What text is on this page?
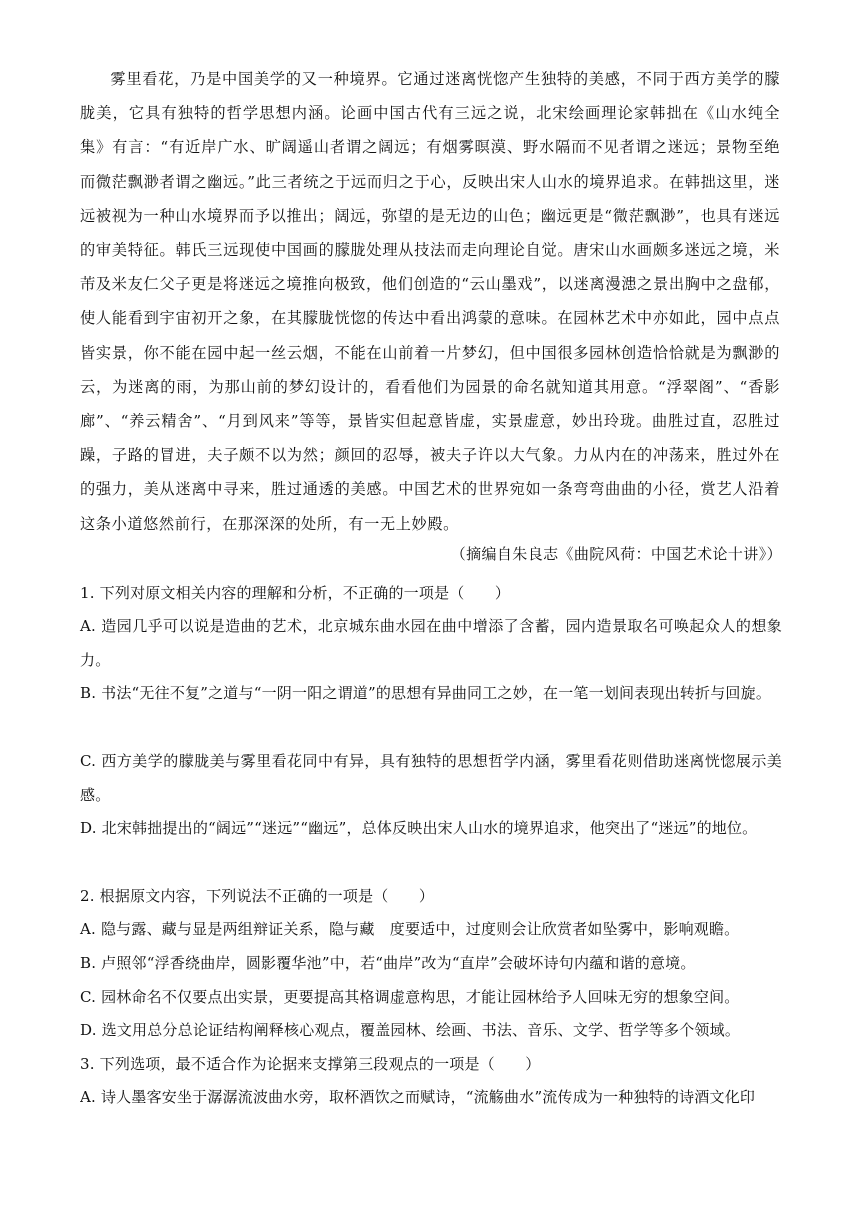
雾里看花，乃是中国美学的又一种境界。它通过迷离恍惚产生独特的美感，不同于西方美学的朦胧美，它具有独特的哲学思想内涵。论画中国古代有三远之说，北宋绘画理论家韩拙在《山水纯全集》有言：“有近岸广水、旷阔遥山者谓之阔远；有烟雾暝漠、野水隔而不见者谓之迷远；景物至绝而微茫飘渺者谓之幽远。”此三者统之于远而归之于心，反映出宋人山水的境界追求。在韩拙这里，迷远被视为一种山水境界而予以推出；阔远，弥望的是无边的山色；幽远更是“微茫飘渺”，也具有迷远的审美特征。韩氏三远现使中国画的朦胧处理从技法而走向理论自觉。唐宋山水画颇多迷远之境，米芾及米友仁父子更是将迷远之境推向极致，他们创造的“云山墨戏”，以迷离漫漶之景出胸中之盘郁，使人能看到宇宙初开之象，在其朦胧恍惚的传达中看出鸿蒙的意味。在园林艺术中亦如此，园中点点皆实景，你不能在园中起一丝云烟，不能在山前着一片梦幻，但中国很多园林创造恰恰就是为飘渺的云，为迷离的雨，为那山前的梦幻设计的，看看他们为园景的命名就知道其用意。“浮翠阁”、“香影廊”、“养云精舍”、“月到风来”等等，景皆实但起意皆虚，实景虚意，妙出玲珑。曲胜过直，忍胜过躁，子路的冒进，夫子颇不以为然；颜回的忍辱，被夫子许以大气象。力从内在的冲荡来，胜过外在的强力，美从迷离中寻来，胜过通透的美感。中国艺术的世界宛如一条弯弯曲曲的小径，赏艺人沿着这条小道悠然前行，在那深深的处所，有一无上妙殿。

（摘编自朱良志《曲院风荷：中国艺术论十讲》）
1. 下列对原文相关内容的理解和分析，不正确的一项是（　　）
A. 造园几乎可以说是造曲的艺术，北京城东曲水园在曲中增添了含蓄，园内造景取名可唤起众人的想象力。
B. 书法“无往不复”之道与“一阴一阳之谓道”的思想有异曲同工之妙，在一笔一划间表现出转折与回旋。
C. 西方美学的朦胧美与雾里看花同中有异，具有独特的思想哲学内涵，雾里看花则借助迷离恍惚展示美感。
D. 北宋韩拙提出的“阔远”“迷远”“幽远”，总体反映出宋人山水的境界追求，他突出了“迷远”的地位。
2. 根据原文内容，下列说法不正确的一项是（　　）
A. 隐与露、藏与显是两组辩证关系，隐与藏　度要适中，过度则会让欣赏者如坠雾中，影响观瞻。
B. 卢照邻“浮香绕曲岸，圆影覆华池”中，若“曲岸”改为“直岸”会破坏诗句内蕴和谐的意境。
C. 园林命名不仅要点出实景，更要提高其格调虚意构思，才能让园林给予人回味无穷的想象空间。
D. 选文用总分总论证结构阐释核心观点，覆盖园林、绘画、书法、音乐、文学、哲学等多个领域。
3. 下列选项，最不适合作为论据来支撑第三段观点的一项是（　　）
A. 诗人墨客安坐于潺潺流波曲水旁，取杯酒饮之而赋诗，“流觞曲水”流传成为一种独特的诗酒文化印
